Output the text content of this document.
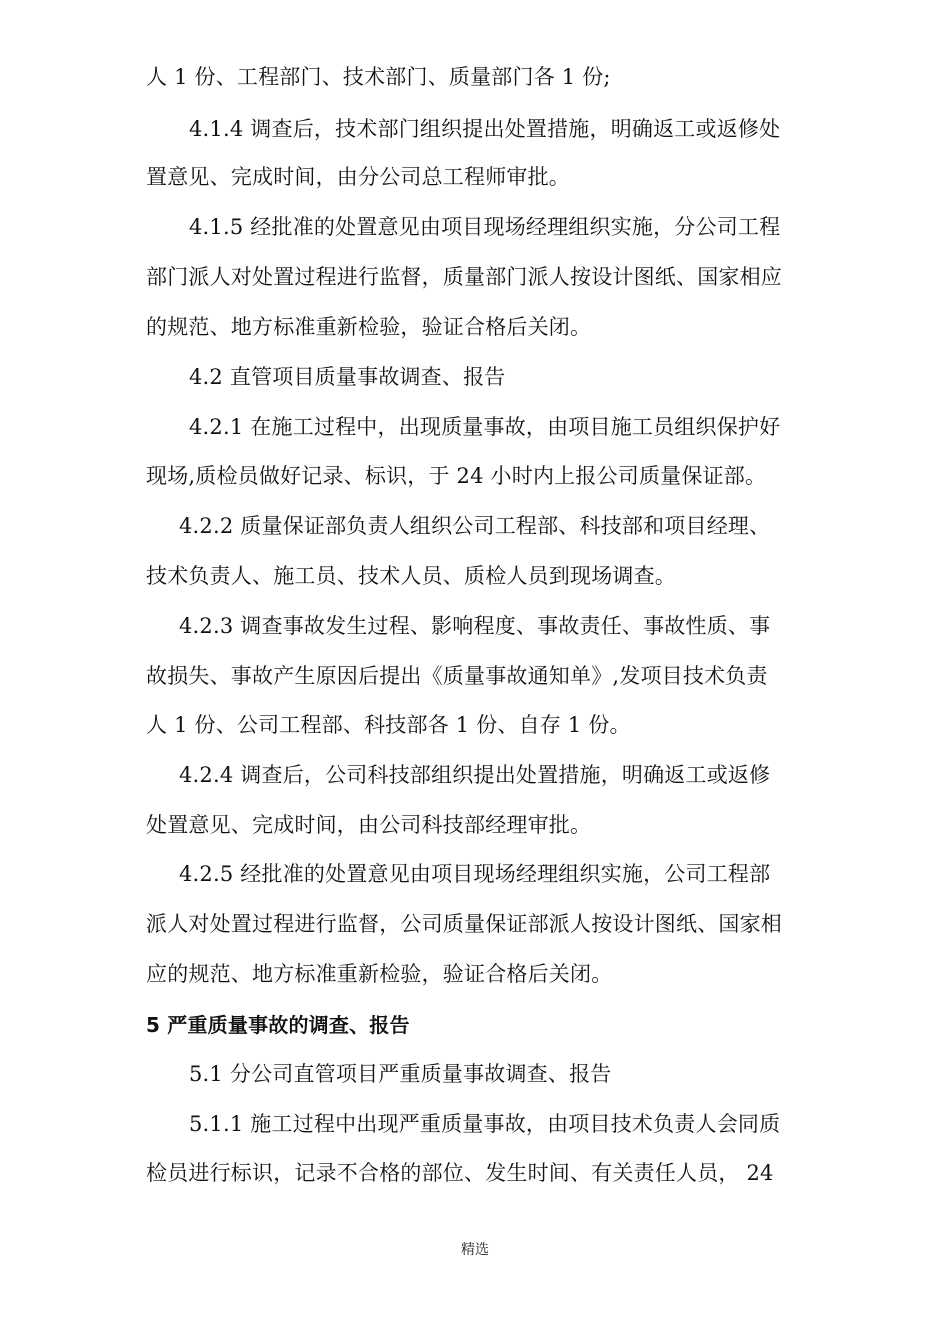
人 1 份、工程部门、技术部门、质量部门各 1 份;
4.1.4 调查后，技术部门组织提出处置措施，明确返工或返修处
置意见、完成时间，由分公司总工程师审批。
4.1.5 经批准的处置意见由项目现场经理组织实施，分公司工程
部门派人对处置过程进行监督，质量部门派人按设计图纸、国家相应
的规范、地方标准重新检验，验证合格后关闭。
4.2 直管项目质量事故调查、报告
4.2.1 在施工过程中，出现质量事故，由项目施工员组织保护好
现场,质检员做好记录、标识，于 24 小时内上报公司质量保证部。
4.2.2 质量保证部负责人组织公司工程部、科技部和项目经理、
技术负责人、施工员、技术人员、质检人员到现场调查。
4.2.3 调查事故发生过程、影响程度、事故责任、事故性质、事
故损失、事故产生原因后提出《质量事故通知单》,发项目技术负责
人 1 份、公司工程部、科技部各 1 份、自存 1 份。
4.2.4 调查后，公司科技部组织提出处置措施，明确返工或返修
处置意见、完成时间，由公司科技部经理审批。
4.2.5 经批准的处置意见由项目现场经理组织实施，公司工程部
派人对处置过程进行监督，公司质量保证部派人按设计图纸、国家相
应的规范、地方标准重新检验，验证合格后关闭。
5 严重质量事故的调查、报告
5.1 分公司直管项目严重质量事故调查、报告
5.1.1 施工过程中出现严重质量事故，由项目技术负责人会同质
检员进行标识，记录不合格的部位、发生时间、有关责任人员， 24
精选
